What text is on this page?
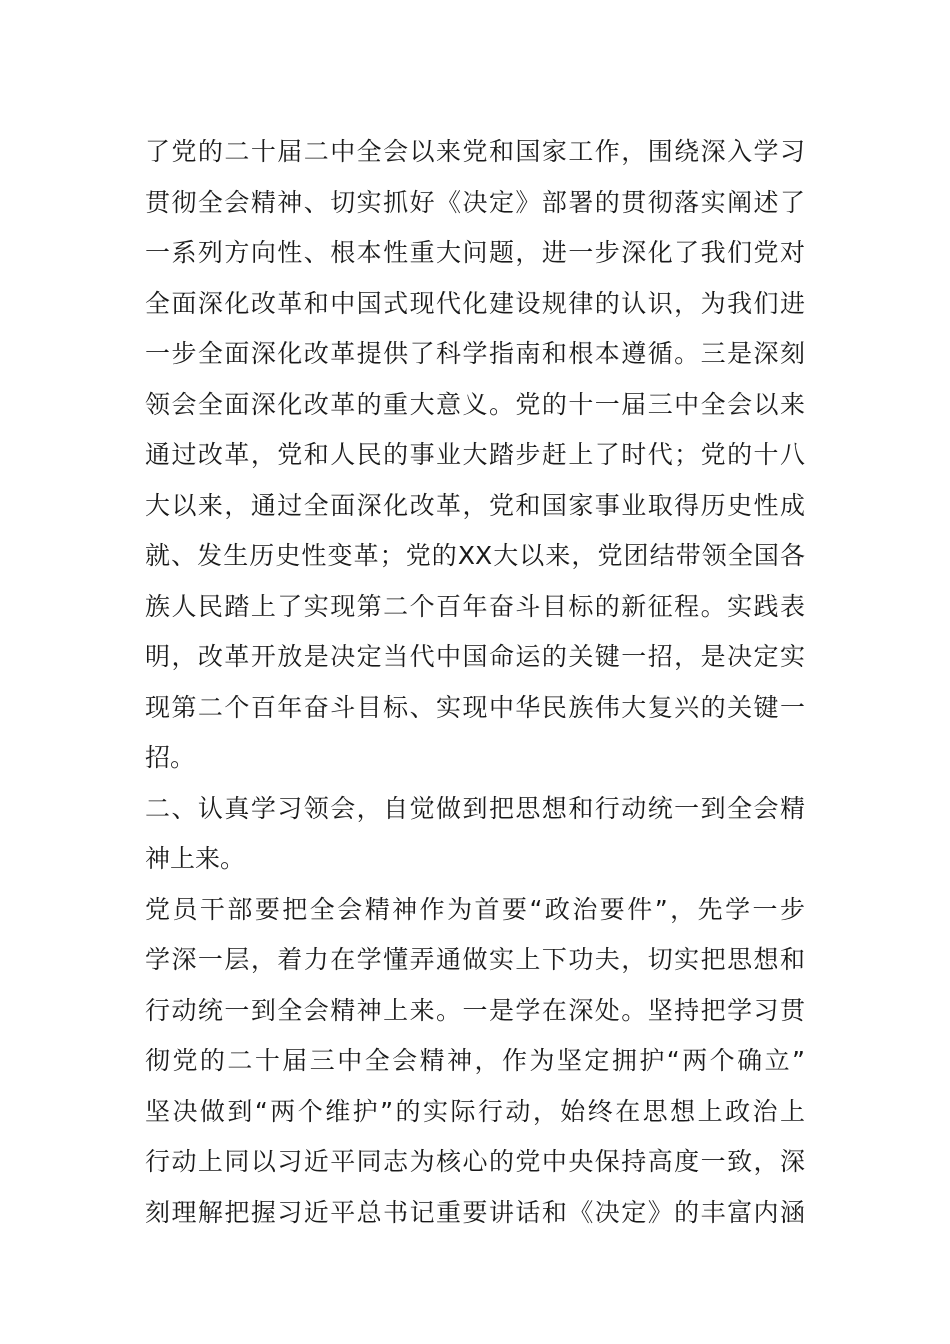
了党的二十届二中全会以来党和国家工作，围绕深入学习
贯彻全会精神、切实抓好《决定》部署的贯彻落实阐述了
一系列方向性、根本性重大问题，进一步深化了我们党对
全面深化改革和中国式现代化建设规律的认识，为我们进
一步全面深化改革提供了科学指南和根本遵循。三是深刻
领会全面深化改革的重大意义。党的十一届三中全会以来
通过改革，党和人民的事业大踏步赶上了时代；党的十八
大以来，通过全面深化改革，党和国家事业取得历史性成
就、发生历史性变革；党的XX大以来，党团结带领全国各
族人民踏上了实现第二个百年奋斗目标的新征程。实践表
明，改革开放是决定当代中国命运的关键一招，是决定实
现第二个百年奋斗目标、实现中华民族伟大复兴的关键一
招。
二、认真学习领会，自觉做到把思想和行动统一到全会精
神上来。
党员干部要把全会精神作为首要“政治要件”，先学一步
学深一层，着力在学懂弄通做实上下功夫，切实把思想和
行动统一到全会精神上来。一是学在深处。坚持把学习贯
彻党的二十届三中全会精神，作为坚定拥护“两个确立”
坚决做到“两个维护”的实际行动，始终在思想上政治上
行动上同以习近平同志为核心的党中央保持高度一致，深
刻理解把握习近平总书记重要讲话和《决定》的丰富内涵
